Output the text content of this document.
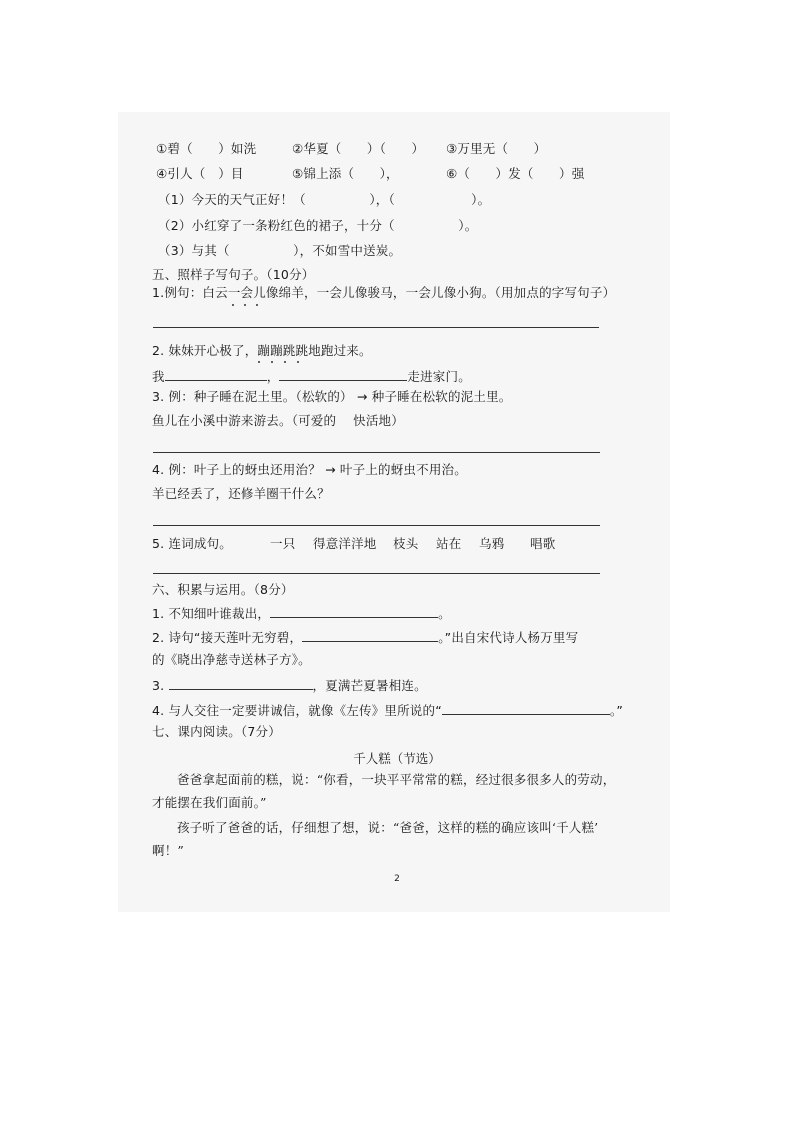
①碧（　　）如洗	②华夏（　　）（　　） ③万里无（　　）
④引人（　）目	⑤锦上添（　　），	⑥（　　）发（　　）强
（1）今天的天气正好！（　　　　　），（　　　　　　）。
（2）小红穿了一条粉红色的裙子，十分（　　　　　）。
（3）与其（　　　　　），不如雪中送炭。
五、照样子写句子。（10分）
1.例句：白云一会儿像绵羊，一会儿像骏马，一会儿像小狗。（用加点的字写句子）
2. 妹妹开心极了，蹦蹦跳跳地跑过来。
我	，	走进家门。
3. 例：种子睡在泥土里。（松软的） → 种子睡在松软的泥土里。
鱼儿在小溪中游来游去。（可爱的　 快活地）
4. 例：叶子上的蚜虫还用治？ → 叶子上的蚜虫不用治。
羊已经丢了，还修羊圈干什么？
5. 连词成句。	一只 得意洋洋地 枝头 站在 乌鸦 唱歌
六、积累与运用。（8分）
1. 不知细叶谁裁出，	。
2. 诗句“接天莲叶无穷碧，	。”出自宋代诗人杨万里写
的《晓出净慈寺送林子方》。
3.	，夏满芒夏暑相连。
4. 与人交往一定要讲诚信，就像《左传》里所说的“	。”
七、课内阅读。（7分）
千人糕（节选）
爸爸拿起面前的糕，说：“你看，一块平平常常的糕，经过很多很多人的劳动，
才能摆在我们面前。”
孩子听了爸爸的话，仔细想了想，说：“爸爸，这样的糕的确应该叫‘千人糕’
啊！”
2
